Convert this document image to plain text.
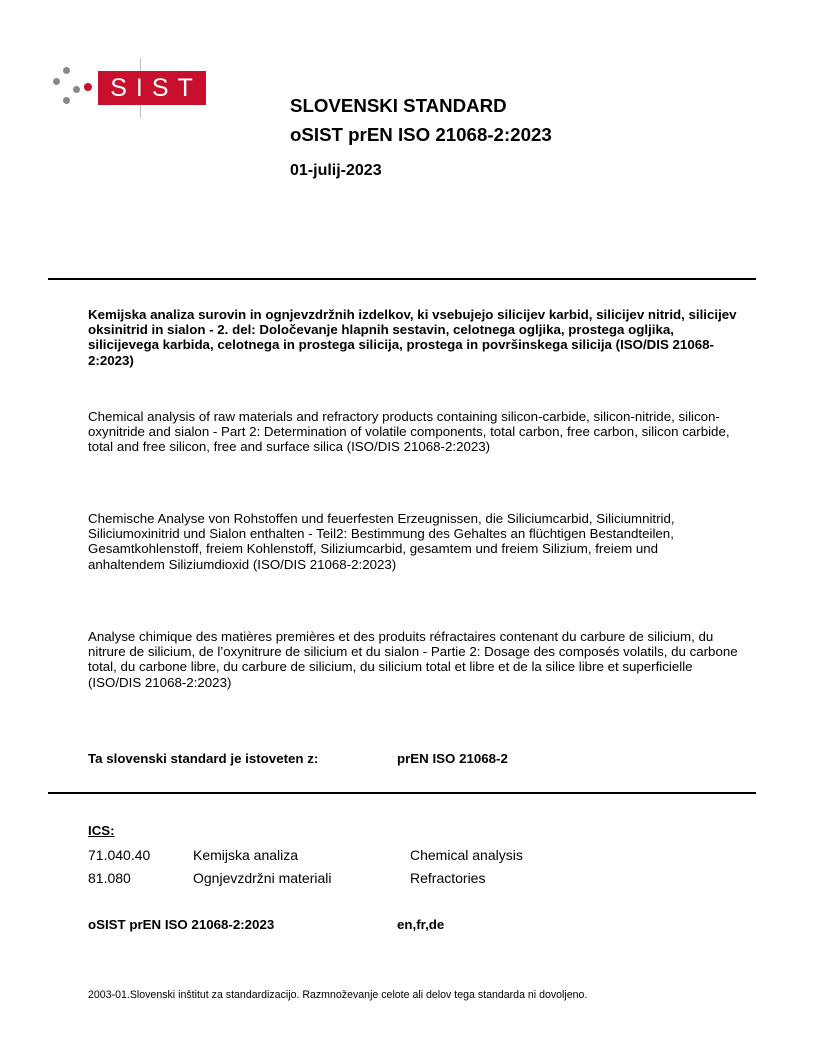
SIST
SLOVENSKI STANDARD
oSIST prEN ISO 21068-2:2023
01-julij-2023
Kemijska analiza surovin in ognjevzdržnih izdelkov, ki vsebujejo silicijev karbid, silicijev nitrid, silicijev oksinitrid in sialon - 2. del: Določevanje hlapnih sestavin, celotnega ogljika, prostega ogljika, silicijevega karbida, celotnega in prostega silicija, prostega in površinskega silicija (ISO/DIS 21068-2:2023)
Chemical analysis of raw materials and refractory products containing silicon-carbide, silicon-nitride, silicon-oxynitride and sialon - Part 2: Determination of volatile components, total carbon, free carbon, silicon carbide, total and free silicon, free and surface silica (ISO/DIS 21068-2:2023)
Chemische Analyse von Rohstoffen und feuerfesten Erzeugnissen, die Siliciumcarbid, Siliciumnitrid, Siliciumoxinitrid und Sialon enthalten - Teil2: Bestimmung des Gehaltes an flüchtigen Bestandteilen, Gesamtkohlenstoff, freiem Kohlenstoff, Siliziumcarbid, gesamtem und freiem Silizium, freiem und anhaltendem Siliziumdioxid (ISO/DIS 21068-2:2023)
Analyse chimique des matières premières et des produits réfractaires contenant du carbure de silicium, du nitrure de silicium, de l’oxynitrure de silicium et du sialon - Partie 2: Dosage des composés volatils, du carbone total, du carbone libre, du carbure de silicium, du silicium total et libre et de la silice libre et superficielle (ISO/DIS 21068-2:2023)
Ta slovenski standard je istoveten z:	prEN ISO 21068-2
ICS:
71.040.40	Kemijska analiza	Chemical analysis
81.080	Ognjevzdržni materiali	Refractories
oSIST prEN ISO 21068-2:2023	en,fr,de
2003-01.Slovenski inštitut za standardizacijo. Razmnoževanje celote ali delov tega standarda ni dovoljeno.
